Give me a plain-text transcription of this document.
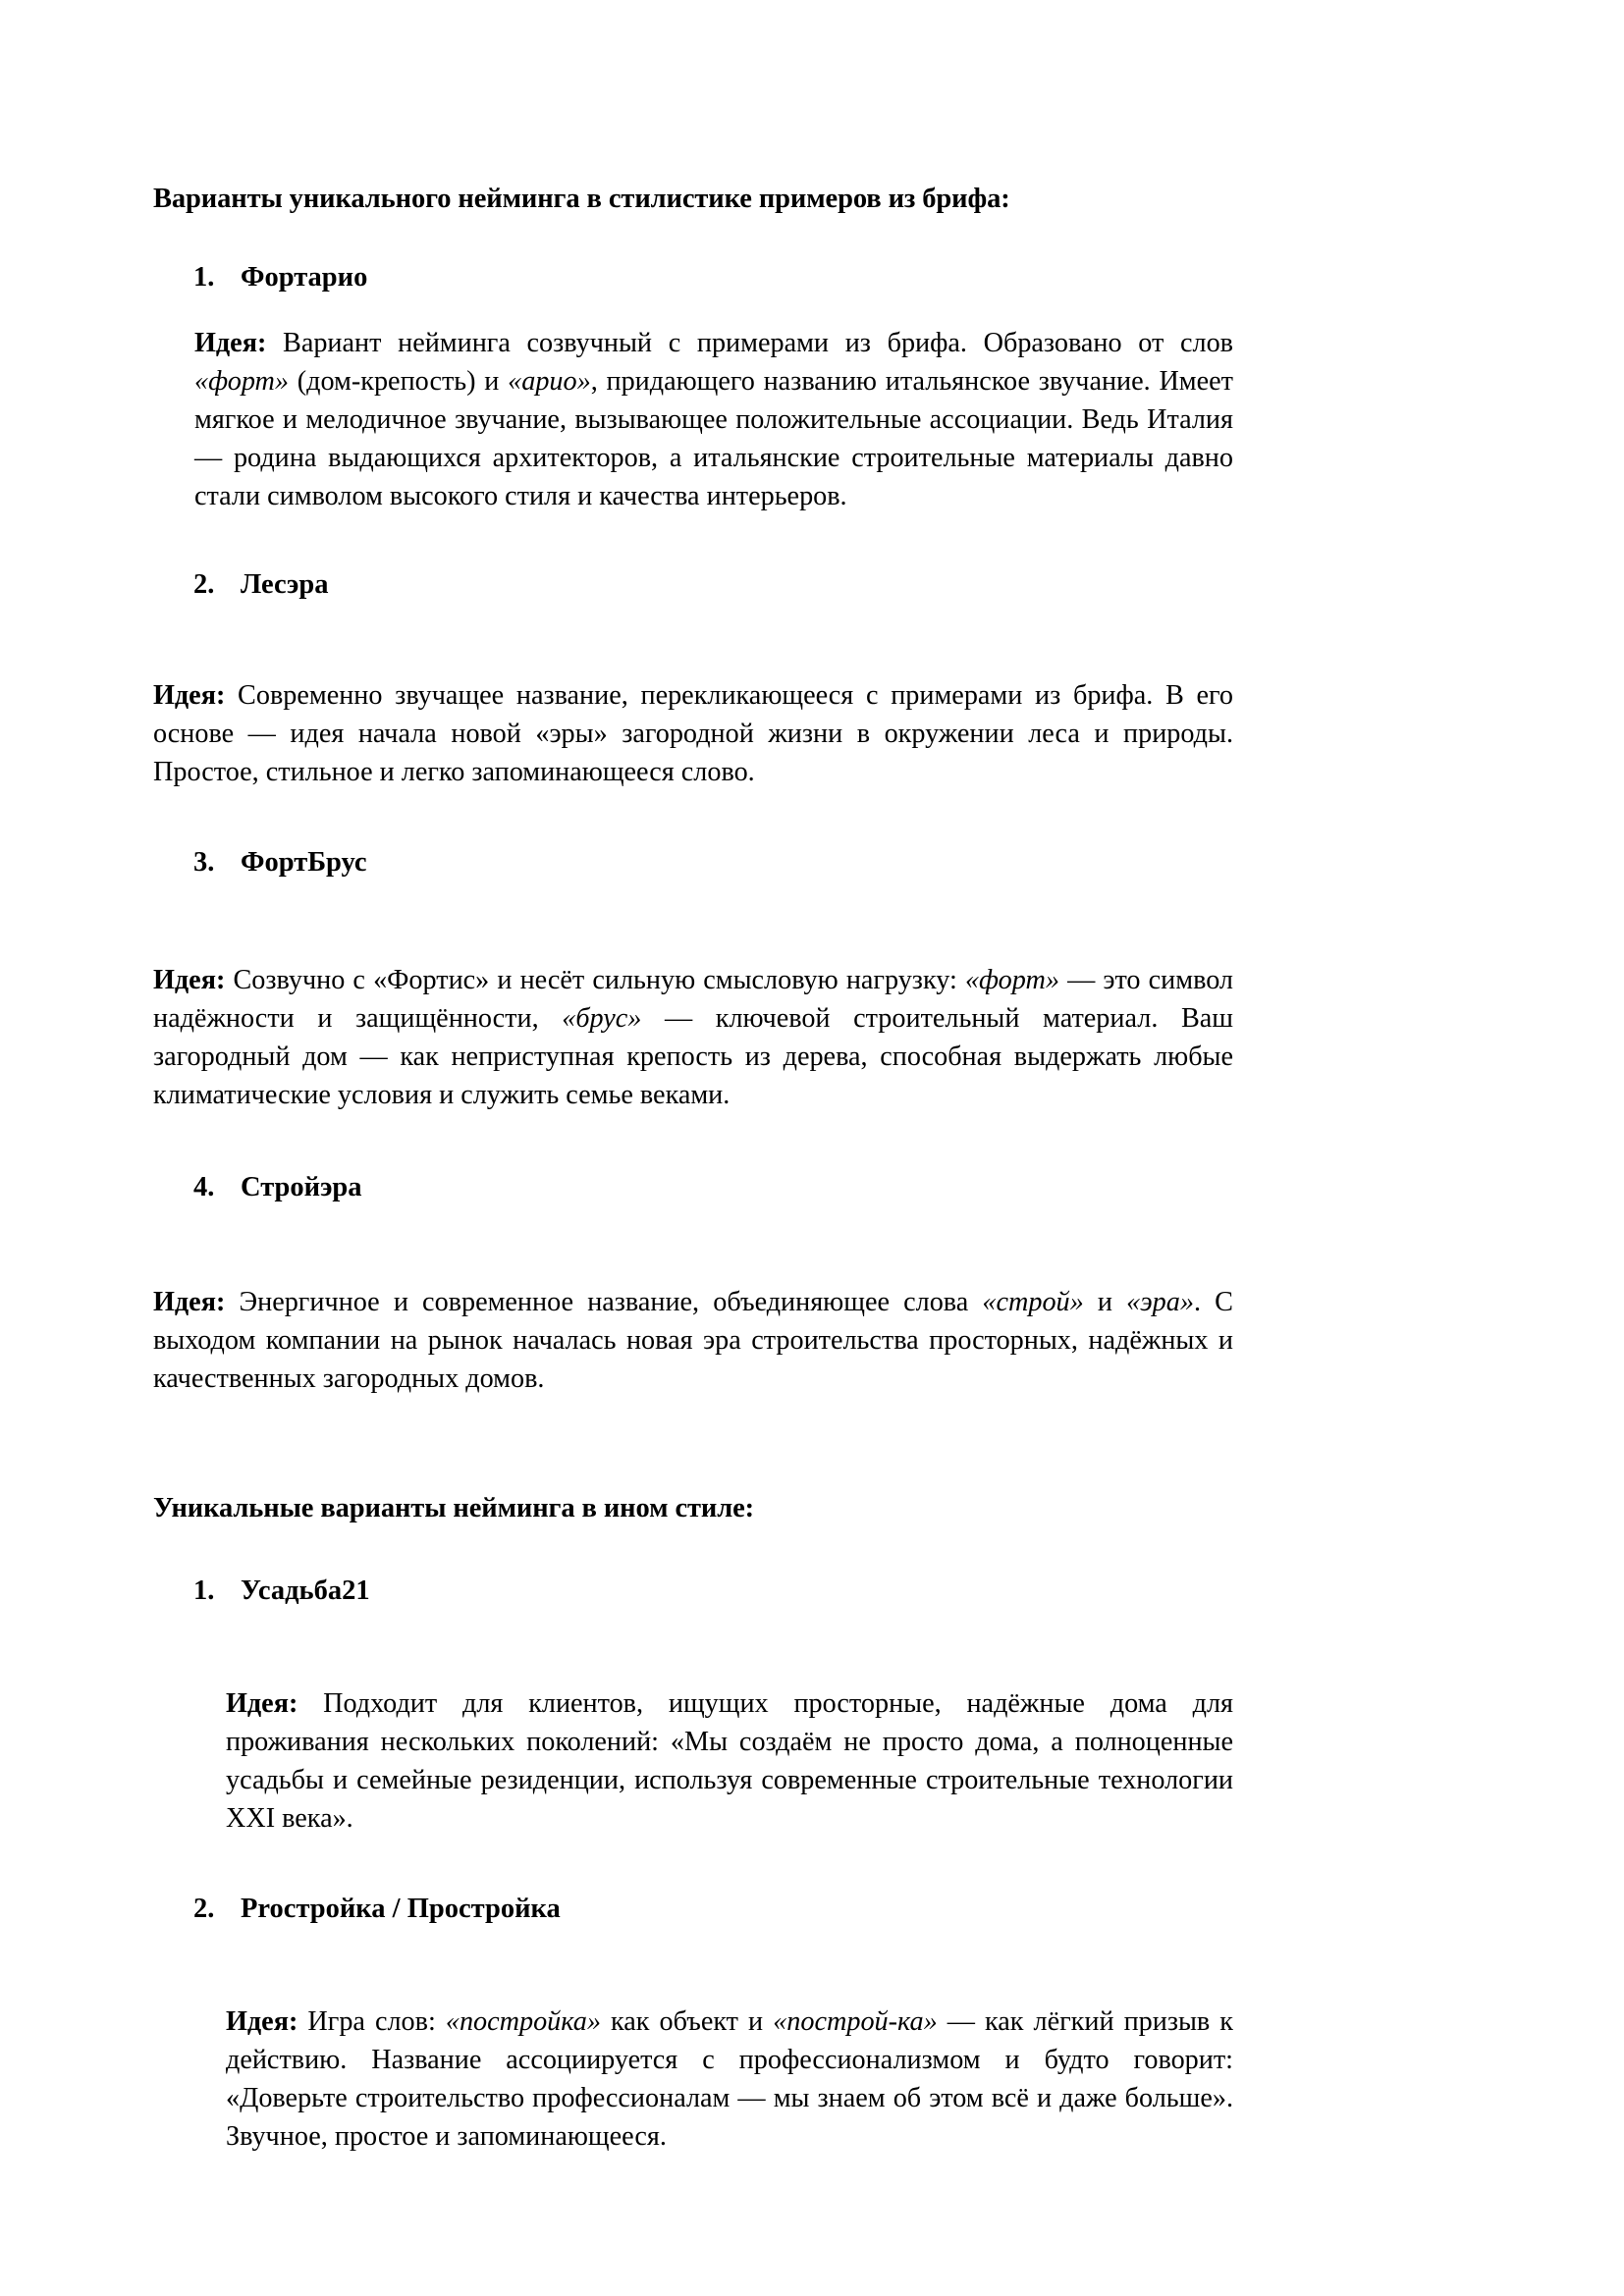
Варианты уникального нейминга в стилистике примеров из брифа:
1. Фортарио

Идея: Вариант нейминга созвучный с примерами из брифа. Образовано от слов «форт» (дом-крепость) и «арио», придающего названию итальянское звучание. Имеет мягкое и мелодичное звучание, вызывающее положительные ассоциации. Ведь Италия — родина выдающихся архитекторов, а итальянские строительные материалы давно стали символом высокого стиля и качества интерьеров.

2. Лесэра

Идея: Современно звучащее название, перекликающееся с примерами из брифа. В его основе — идея начала новой «эры» загородной жизни в окружении леса и природы. Простое, стильное и легко запоминающееся слово.

3. ФортБрус

Идея: Созвучно с «Фортис» и несёт сильную смысловую нагрузку: «форт» — это символ надёжности и защищённости, «брус» — ключевой строительный материал. Ваш загородный дом — как неприступная крепость из дерева, способная выдержать любые климатические условия и служить семье веками.

4. Стройэра

Идея: Энергичное и современное название, объединяющее слова «строй» и «эра». С выходом компании на рынок началась новая эра строительства просторных, надёжных и качественных загородных домов.

Уникальные варианты нейминга в ином стиле:
1. Усадьба21

Идея: Подходит для клиентов, ищущих просторные, надёжные дома для проживания нескольких поколений: «Мы создаём не просто дома, а полноценные усадьбы и семейные резиденции, используя современные строительные технологии XXI века».

2. Proстройка / Простройка

Идея: Игра слов: «постройка» как объект и «построй-ка» — как лёгкий призыв к действию. Название ассоциируется с профессионализмом и будто говорит: «Доверьте строительство профессионалам — мы знаем об этом всё и даже больше». Звучное, простое и запоминающееся.
